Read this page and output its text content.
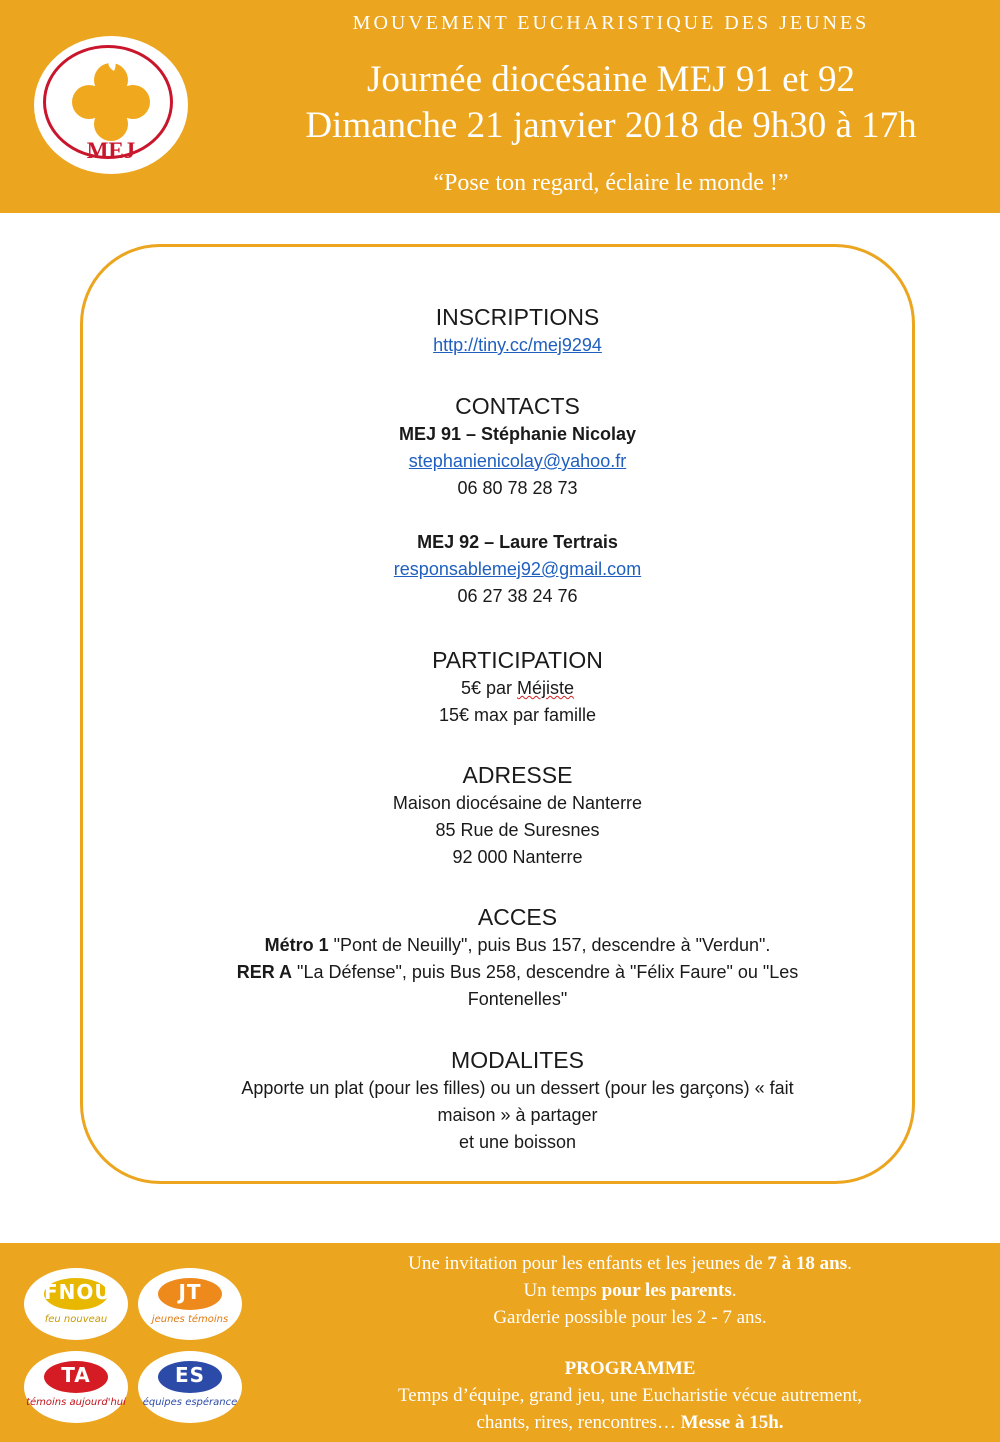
MEJ
MOUVEMENT EUCHARISTIQUE DES JEUNES
Journée diocésaine MEJ 91 et 92
Dimanche 21 janvier 2018 de 9h30 à 17h
“Pose ton regard, éclaire le monde !”
INSCRIPTIONS
http://tiny.cc/mej9294
CONTACTS
MEJ 91 – Stéphanie Nicolay
stephanienicolay@yahoo.fr
06 80 78 28 73
MEJ 92 – Laure Tertrais
responsablemej92@gmail.com
06 27 38 24 76
PARTICIPATION
5€ par Méjiste
15€ max par famille
ADRESSE
Maison diocésaine de Nanterre
85 Rue de Suresnes
92 000 Nanterre
ACCES
Métro 1 "Pont de Neuilly", puis Bus 157, descendre à "Verdun".
RER A "La Défense", puis Bus 258, descendre à "Félix Faure" ou "Les
Fontenelles"
MODALITES
Apporte un plat (pour les filles) ou un dessert (pour les garçons) « fait
maison » à partager
et une boisson
FNOU
feu nouveau
JT
jeunes témoins
TA
témoins aujourd'hui
ES
équipes espérance
Une invitation pour les enfants et les jeunes de 7 à 18 ans.
Un temps pour les parents.
Garderie possible pour les 2 - 7 ans.
PROGRAMME
Temps d’équipe, grand jeu, une Eucharistie vécue autrement,
chants, rires, rencontres… Messe à 15h.
